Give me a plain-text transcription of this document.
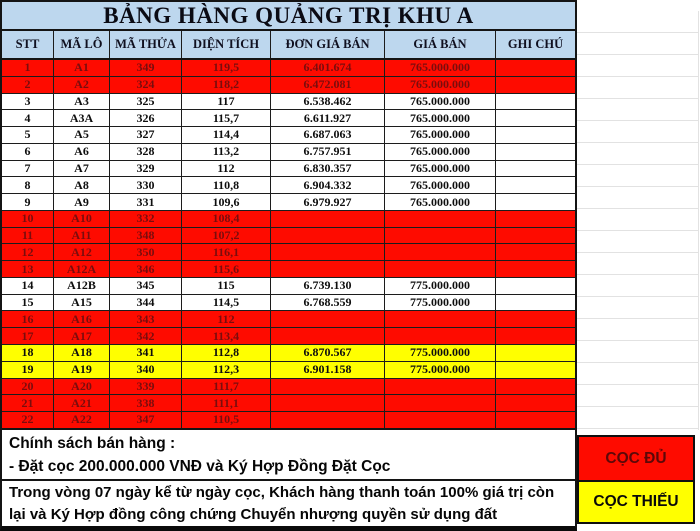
BẢNG HÀNG QUẢNG TRỊ KHU A
STT	MÃ LÔ	MÃ THỬA	DIỆN TÍCH	ĐƠN GIÁ BÁN	GIÁ BÁN	GHI CHÚ
1	A1	349	119,5	6.401.674	765.000.000
2	A2	324	118,2	6.472.081	765.000.000
3	A3	325	117	6.538.462	765.000.000
4	A3A	326	115,7	6.611.927	765.000.000
5	A5	327	114,4	6.687.063	765.000.000
6	A6	328	113,2	6.757.951	765.000.000
7	A7	329	112	6.830.357	765.000.000
8	A8	330	110,8	6.904.332	765.000.000
9	A9	331	109,6	6.979.927	765.000.000
10	A10	332	108,4
11	A11	348	107,2
12	A12	350	116,1
13	A12A	346	115,6
14	A12B	345	115	6.739.130	775.000.000
15	A15	344	114,5	6.768.559	775.000.000
16	A16	343	112
17	A17	342	113,4
18	A18	341	112,8	6.870.567	775.000.000
19	A19	340	112,3	6.901.158	775.000.000
20	A20	339	111,7
21	A21	338	111,1
22	A22	347	110,5
Chính sách bán hàng :
- Đặt cọc 200.000.000 VNĐ và Ký Hợp Đồng Đặt Cọc
Trong vòng 07 ngày kể từ ngày cọc, Khách hàng thanh toán 100% giá trị còn lại và Ký Hợp đồng công chứng Chuyển nhượng quyền sử dụng đất
CỌC ĐỦ
CỌC THIẾU
